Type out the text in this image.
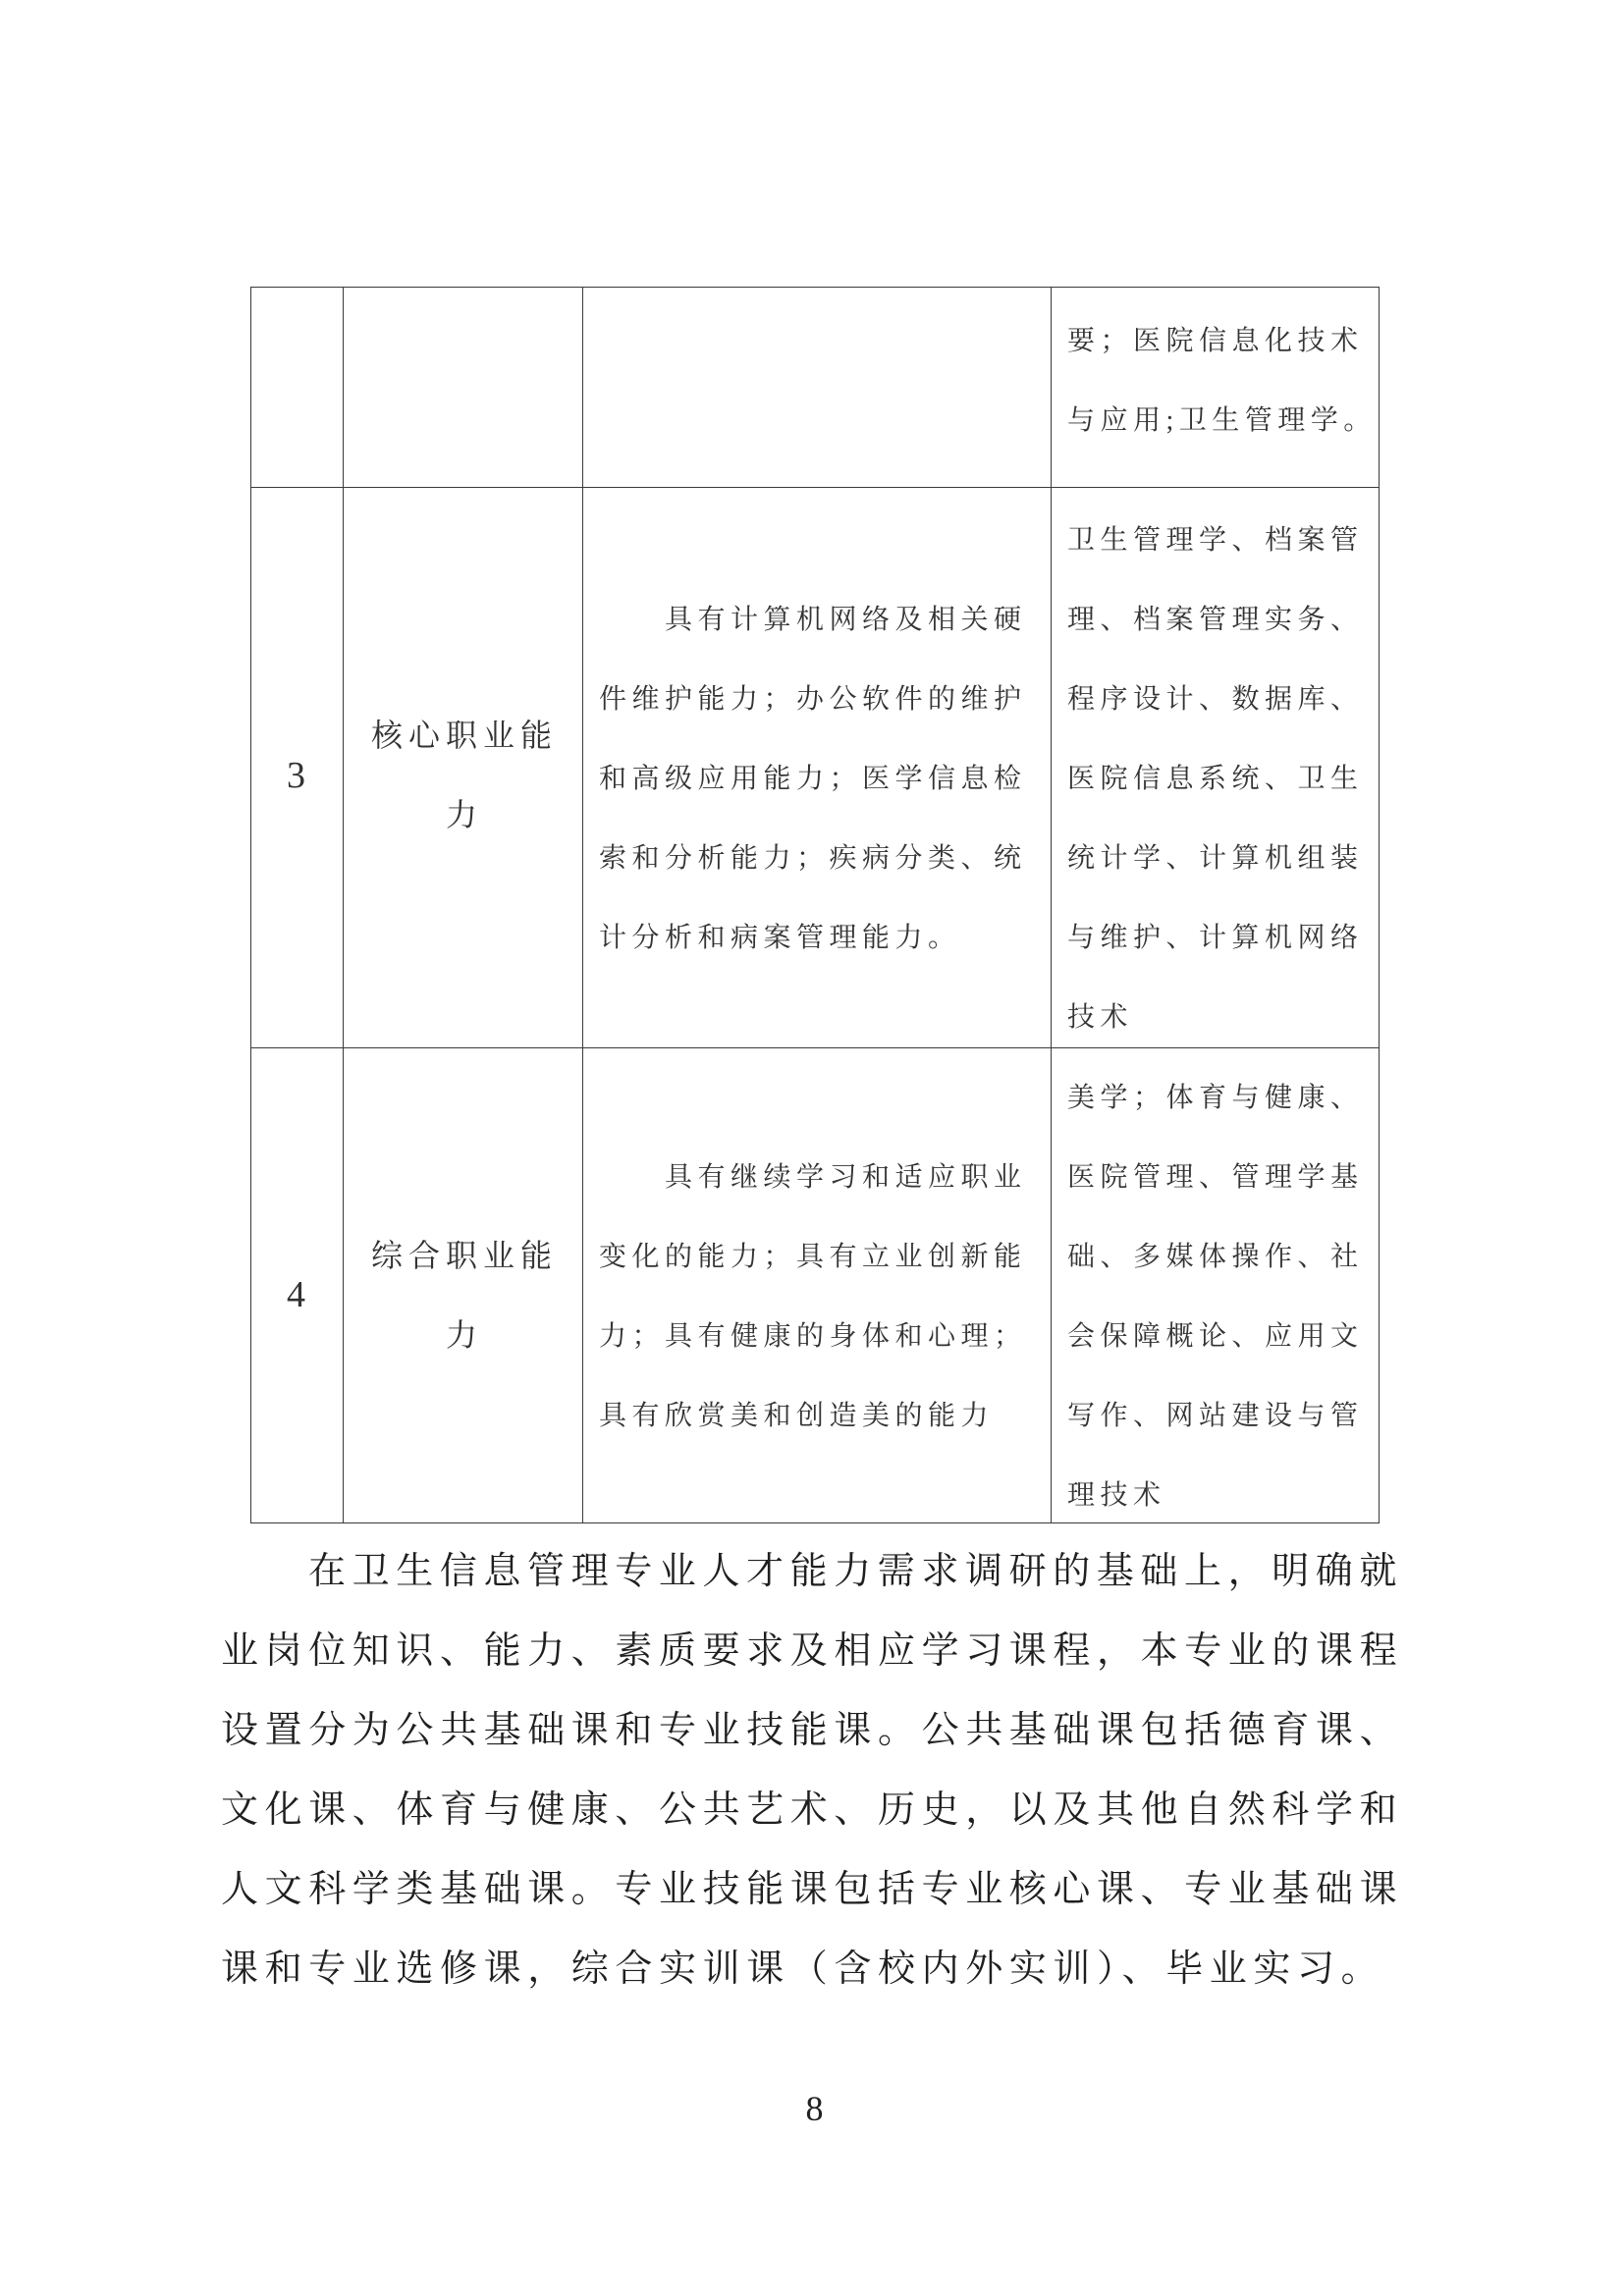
要；医院信息化技术
与应用;卫生管理学。
3
核心职业能
力
具有计算机网络及相关硬
件维护能力；办公软件的维护
和高级应用能力；医学信息检
索和分析能力；疾病分类、统
计分析和病案管理能力。
卫生管理学、档案管
理、档案管理实务、
程序设计、数据库、
医院信息系统、卫生
统计学、计算机组装
与维护、计算机网络
技术
4
综合职业能
力
具有继续学习和适应职业
变化的能力；具有立业创新能
力；具有健康的身体和心理；
具有欣赏美和创造美的能力
美学；体育与健康、
医院管理、管理学基
础、多媒体操作、社
会保障概论、应用文
写作、网站建设与管
理技术
在卫生信息管理专业人才能力需求调研的基础上，明确就
业岗位知识、能力、素质要求及相应学习课程，本专业的课程
设置分为公共基础课和专业技能课。公共基础课包括德育课、
文化课、体育与健康、公共艺术、历史，以及其他自然科学和
人文科学类基础课。专业技能课包括专业核心课、专业基础课
课和专业选修课，综合实训课（含校内外实训）、毕业实习。
8
